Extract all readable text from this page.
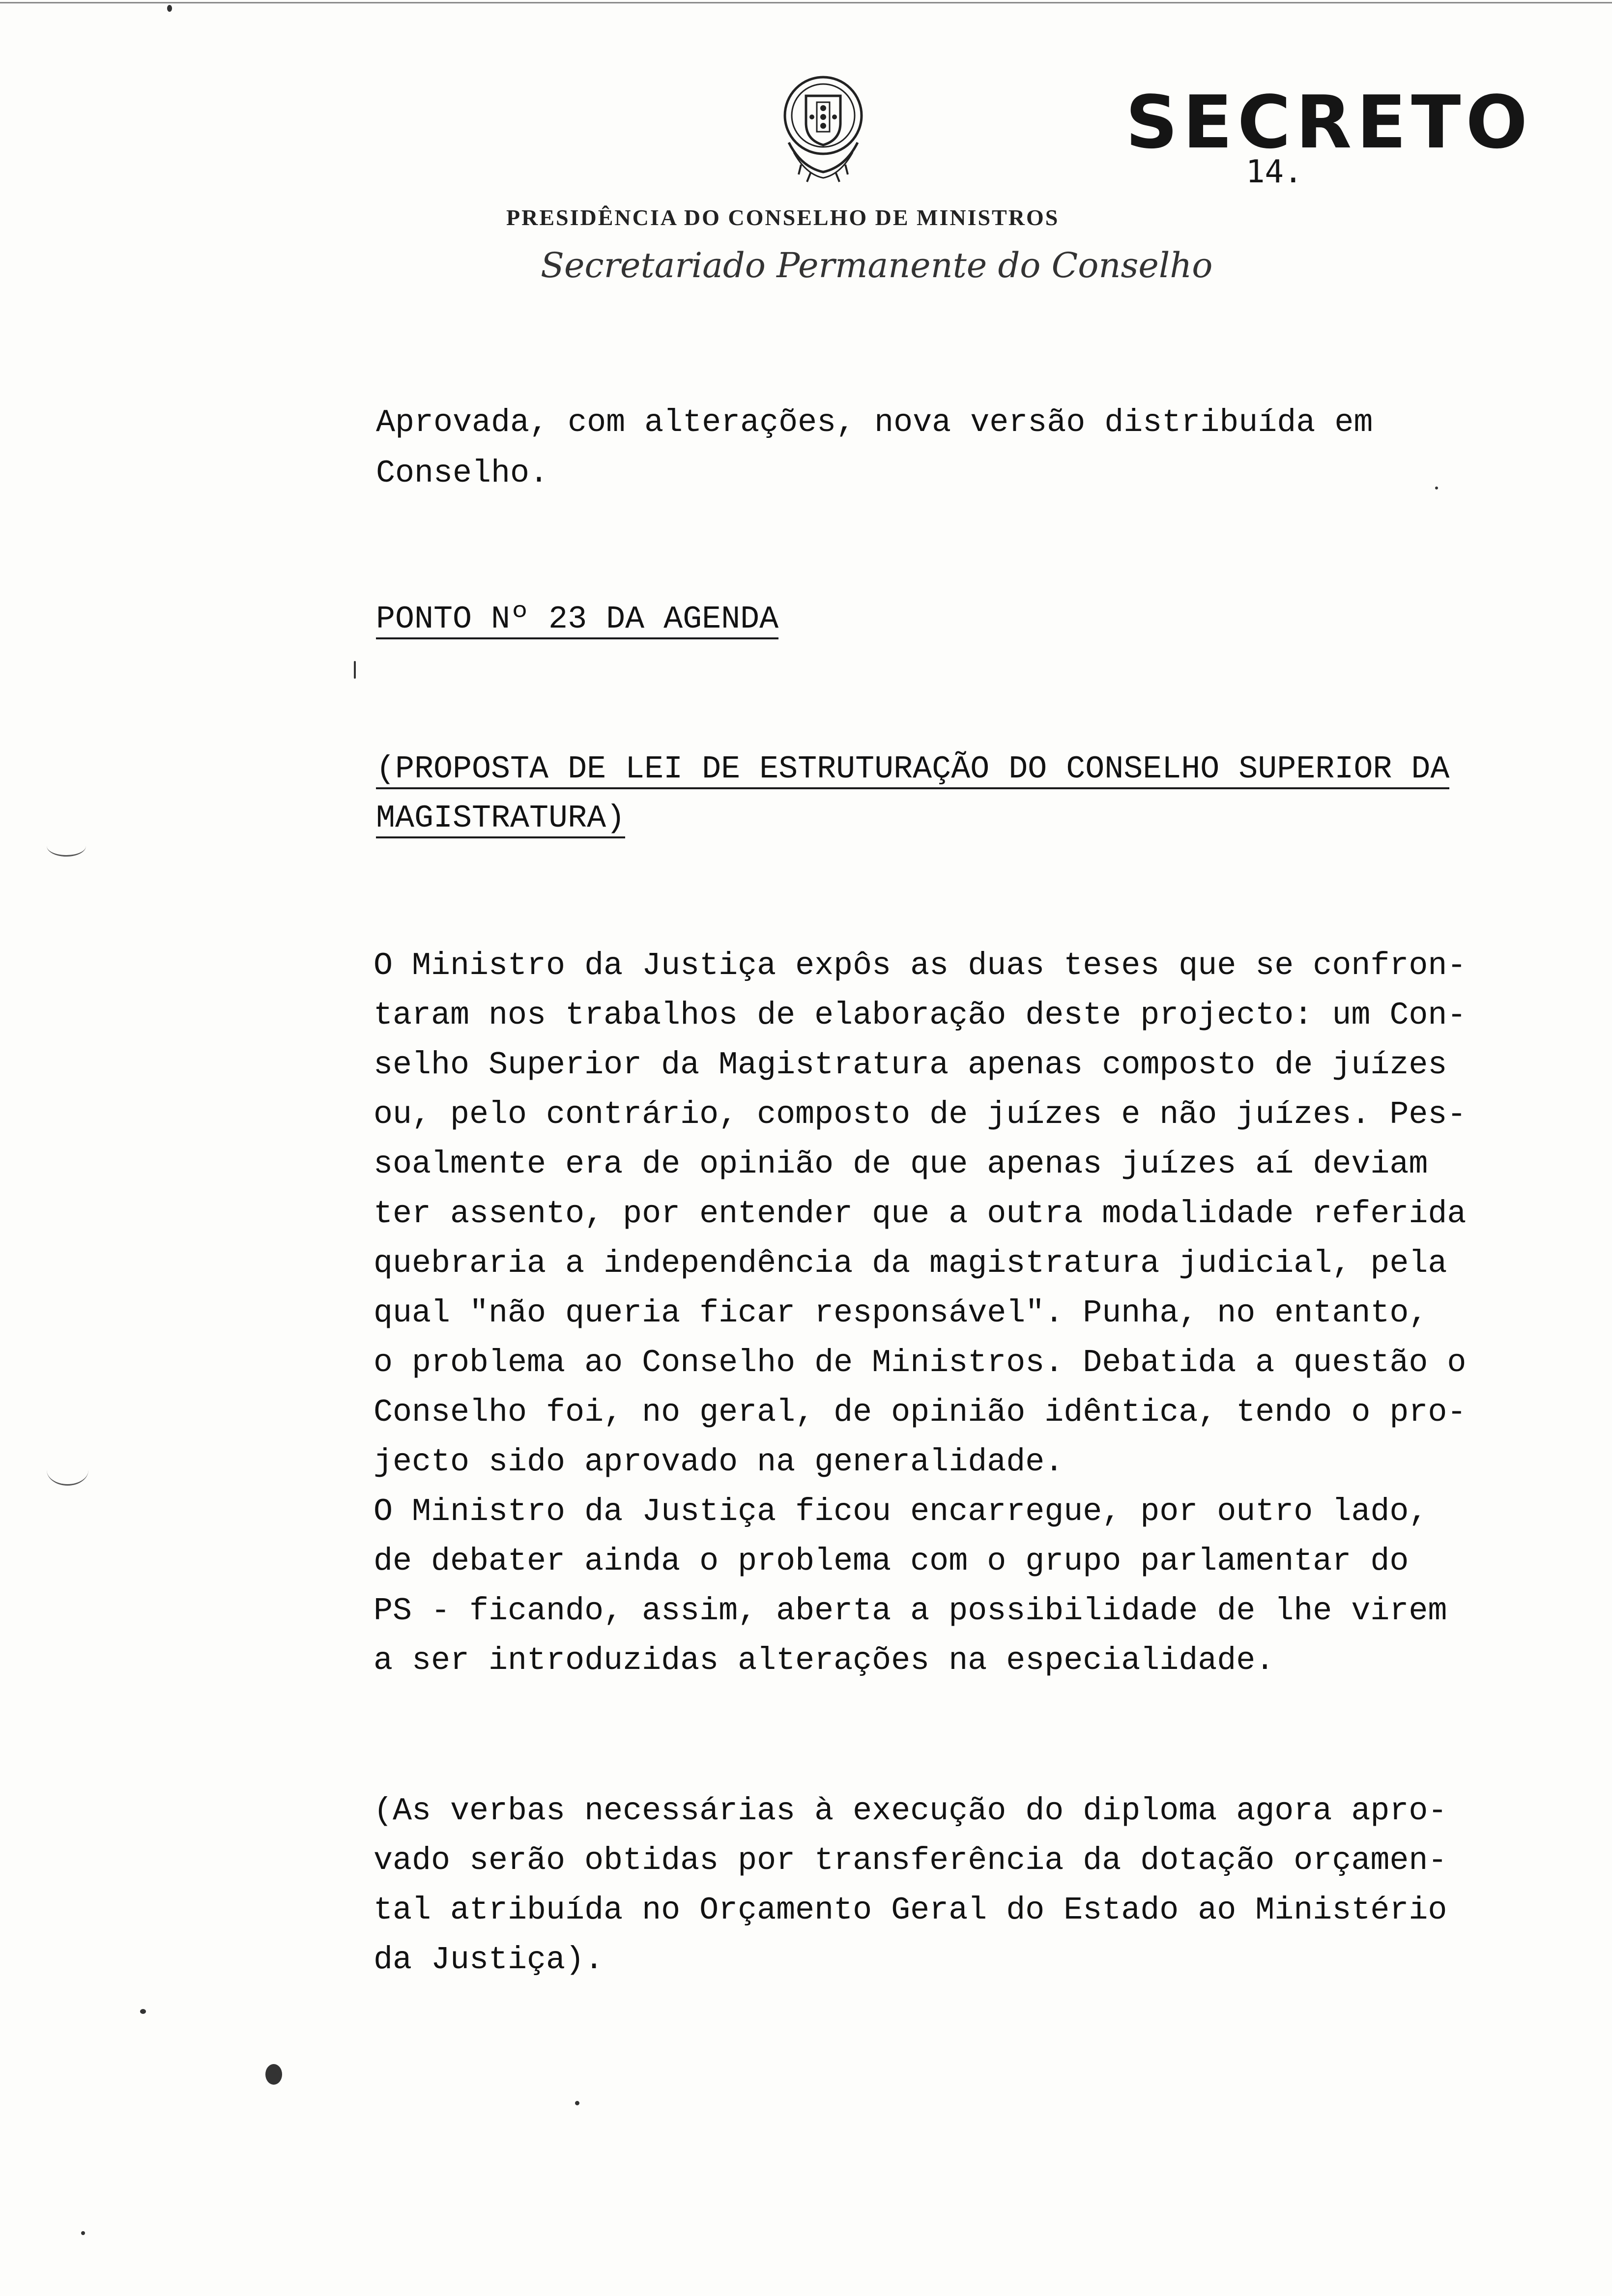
SECRETO
14.
PRESIDÊNCIA DO CONSELHO DE MINISTROS
Secretariado Permanente do Conselho
Aprovada, com alterações, nova versão distribuída em
Conselho.
PONTO Nº 23 DA AGENDA
(PROPOSTA DE LEI DE ESTRUTURAÇÃO DO CONSELHO SUPERIOR DA
MAGISTRATURA)
O Ministro da Justiça expôs as duas teses que se confron-
taram nos trabalhos de elaboração deste projecto: um Con-
selho Superior da Magistratura apenas composto de juízes
ou, pelo contrário, composto de juízes e não juízes. Pes-
soalmente era de opinião de que apenas juízes aí deviam
ter assento, por entender que a outra modalidade referida
quebraria a independência da magistratura judicial, pela
qual "não queria ficar responsável". Punha, no entanto,
o problema ao Conselho de Ministros. Debatida a questão o
Conselho foi, no geral, de opinião idêntica, tendo o pro-
jecto sido aprovado na generalidade.
O Ministro da Justiça ficou encarregue, por outro lado,
de debater ainda o problema com o grupo parlamentar do
PS - ficando, assim, aberta a possibilidade de lhe virem
a ser introduzidas alterações na especialidade.
(As verbas necessárias à execução do diploma agora apro-
vado serão obtidas por transferência da dotação orçamen-
tal atribuída no Orçamento Geral do Estado ao Ministério
da Justiça).
